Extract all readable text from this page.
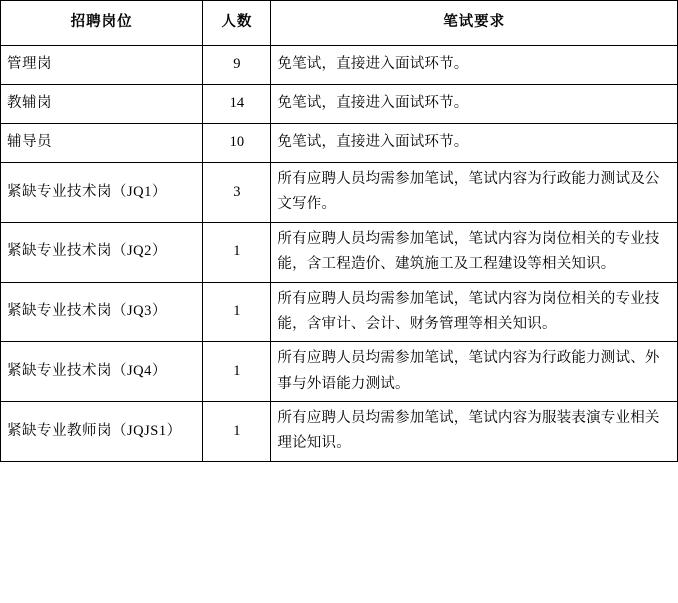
招聘岗位	人数	笔试要求
管理岗	9	免笔试，直接进入面试环节。
教辅岗	14	免笔试，直接进入面试环节。
辅导员	10	免笔试，直接进入面试环节。
紧缺专业技术岗（JQ1）	3	所有应聘人员均需参加笔试，笔试内容为行政能力测试及公文写作。
紧缺专业技术岗（JQ2）	1	所有应聘人员均需参加笔试，笔试内容为岗位相关的专业技能，含工程造价、建筑施工及工程建设等相关知识。
紧缺专业技术岗（JQ3）	1	所有应聘人员均需参加笔试，笔试内容为岗位相关的专业技能，含审计、会计、财务管理等相关知识。
紧缺专业技术岗（JQ4）	1	所有应聘人员均需参加笔试，笔试内容为行政能力测试、外事与外语能力测试。
紧缺专业教师岗（JQJS1）	1	所有应聘人员均需参加笔试，笔试内容为服装表演专业相关理论知识。
